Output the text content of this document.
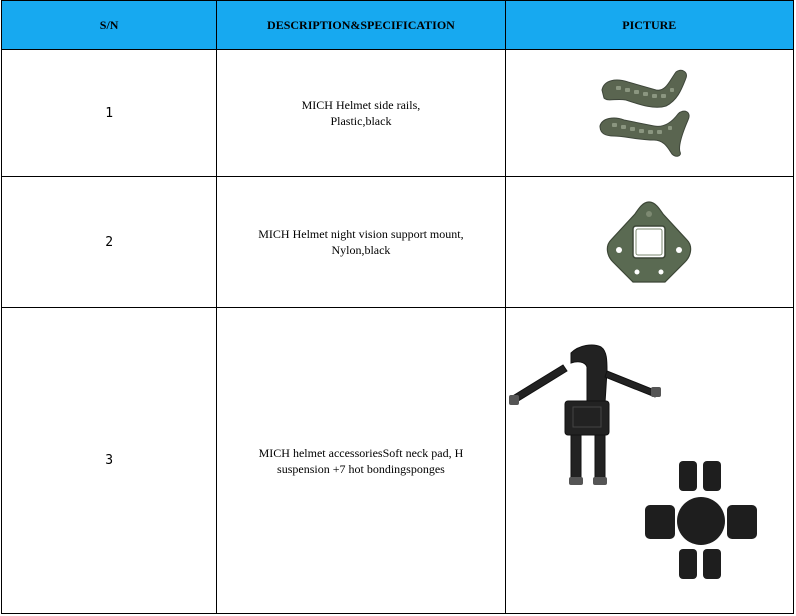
S/N	DESCRIPTION&SPECIFICATION	PICTURE
1	MICH Helmet side rails,
Plastic,black

2	MICH Helmet night vision support mount,
Nylon,black

3	MICH helmet accessoriesSoft neck pad, H
suspension +7 hot bondingsponges
